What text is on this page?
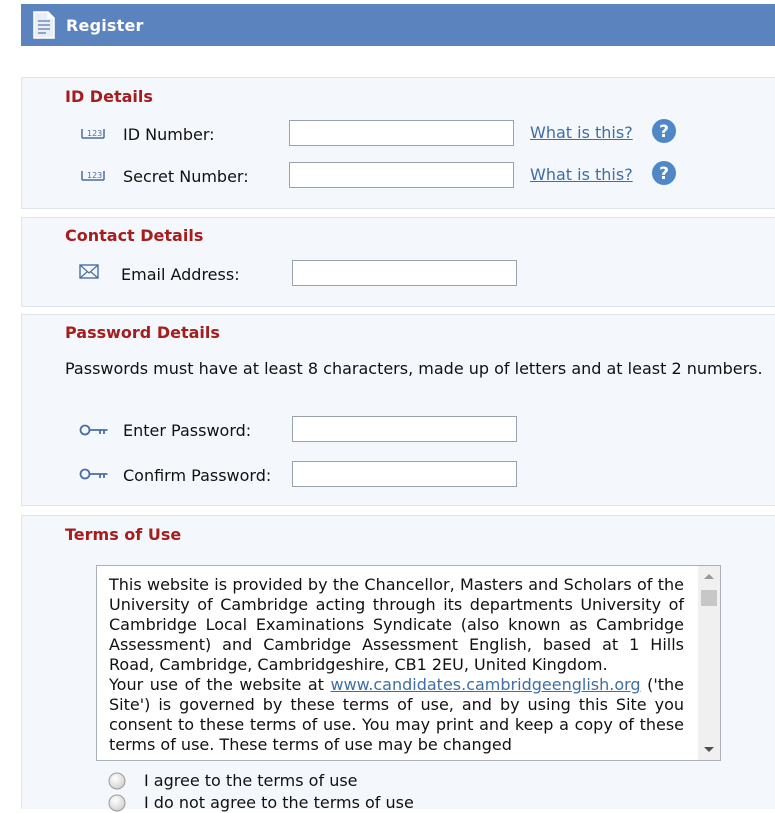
Register
ID Details
123 ID Number:	What is this? ?
123 Secret Number:	What is this? ?
Contact Details
Email Address:
Password Details
Passwords must have at least 8 characters, made up of letters and at least 2 numbers.
Enter Password:
Confirm Password:
Terms of Use

This website is provided by the Chancellor, Masters and Scholars of the University of Cambridge acting through its departments University of Cambridge Local Examinations Syndicate (also known as Cambridge Assessment) and Cambridge Assessment English, based at 1 Hills Road, Cambridge, Cambridgeshire, CB1 2EU, United Kingdom.

Your use of the website at www.candidates.cambridgeenglish.org ('the Site') is governed by these terms of use, and by using this Site you consent to these terms of use. You may print and keep a copy of these terms of use. These terms of use may be changed

I agree to the terms of use
I do not agree to the terms of use
